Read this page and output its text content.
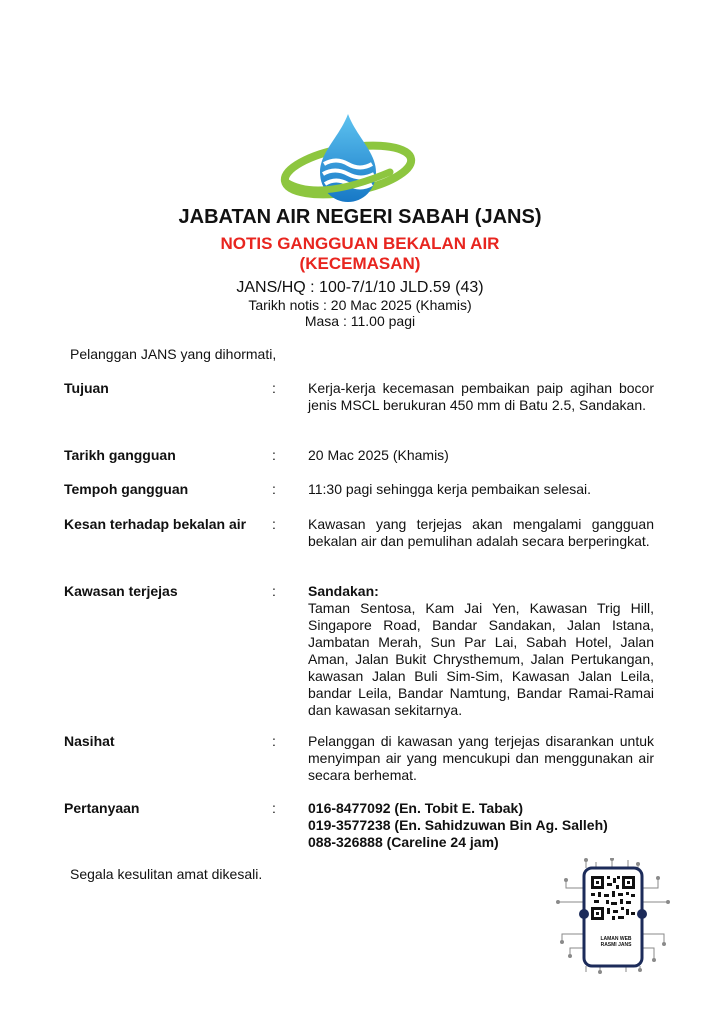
JABATAN AIR NEGERI SABAH (JANS)
NOTIS GANGGUAN BEKALAN AIR
(KECEMASAN)
JANS/HQ : 100-7/1/10 JLD.59 (43)
Tarikh notis : 20 Mac 2025 (Khamis)
Masa : 11.00 pagi
Pelanggan JANS yang dihormati,
Tujuan	:	Kerja-kerja kecemasan pembaikan paip agihan bocor jenis MSCL berukuran 450 mm di Batu 2.5, Sandakan.
Tarikh gangguan	:	20 Mac 2025 (Khamis)
Tempoh gangguan	:	11:30 pagi sehingga kerja pembaikan selesai.
Kesan terhadap bekalan air	:	Kawasan yang terjejas akan mengalami gangguan bekalan air dan pemulihan adalah secara berperingkat.
Kawasan terjejas	:	Sandakan:
Taman Sentosa, Kam Jai Yen, Kawasan Trig Hill, Singapore Road, Bandar Sandakan, Jalan Istana, Jambatan Merah, Sun Par Lai, Sabah Hotel, Jalan Aman, Jalan Bukit Chrysthemum, Jalan Pertukangan, kawasan Jalan Buli Sim-Sim, Kawasan Jalan Leila, bandar Leila, Bandar Namtung, Bandar Ramai-Ramai dan kawasan sekitarnya.
Nasihat	:	Pelanggan di kawasan yang terjejas disarankan untuk menyimpan air yang mencukupi dan menggunakan air secara berhemat.
Pertanyaan	:	016-8477092 (En. Tobit E. Tabak)
019-3577238 (En. Sahidzuwan Bin Ag. Salleh)
088-326888 (Careline 24 jam)
Segala kesulitan amat dikesali.
LAMAN WEB
RASMI JANS
